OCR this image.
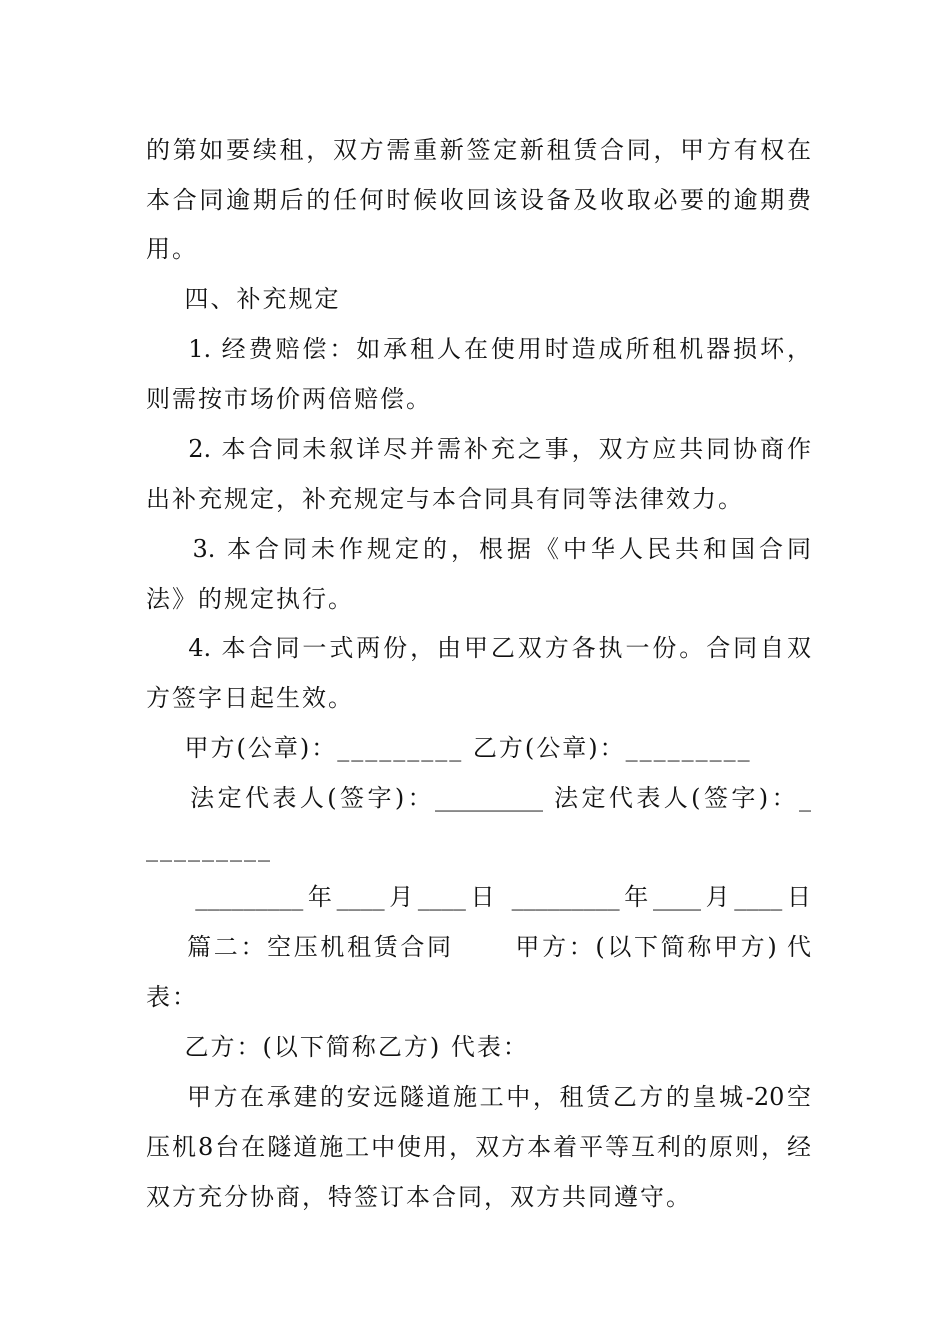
的第如要续租，双方需重新签定新租赁合同，甲方有权在
本合同逾期后的任何时候收回该设备及收取必要的逾期费
用。
四、补充规定
1. 经费赔偿：如承租人在使用时造成所租机器损坏，
则需按市场价两倍赔偿。
2. 本合同未叙详尽并需补充之事，双方应共同协商作
出补充规定，补充规定与本合同具有同等法律效力。
3. 本合同未作规定的，根据《中华人民共和国合同
法》的规定执行。
4. 本合同一式两份，由甲乙双方各执一份。合同自双
方签字日起生效。
甲方(公章)：_________ 乙方(公章)：_________
法定代表人(签字)：_________ 法定代表人(签字)：_
_________
_________年____月____日 _________年____月____日
篇二：空压机租赁合同      甲方：(以下简称甲方) 代
表：
乙方：(以下简称乙方) 代表：
甲方在承建的安远隧道施工中，租赁乙方的皇城-20空
压机8台在隧道施工中使用，双方本着平等互利的原则，经
双方充分协商，特签订本合同，双方共同遵守。
